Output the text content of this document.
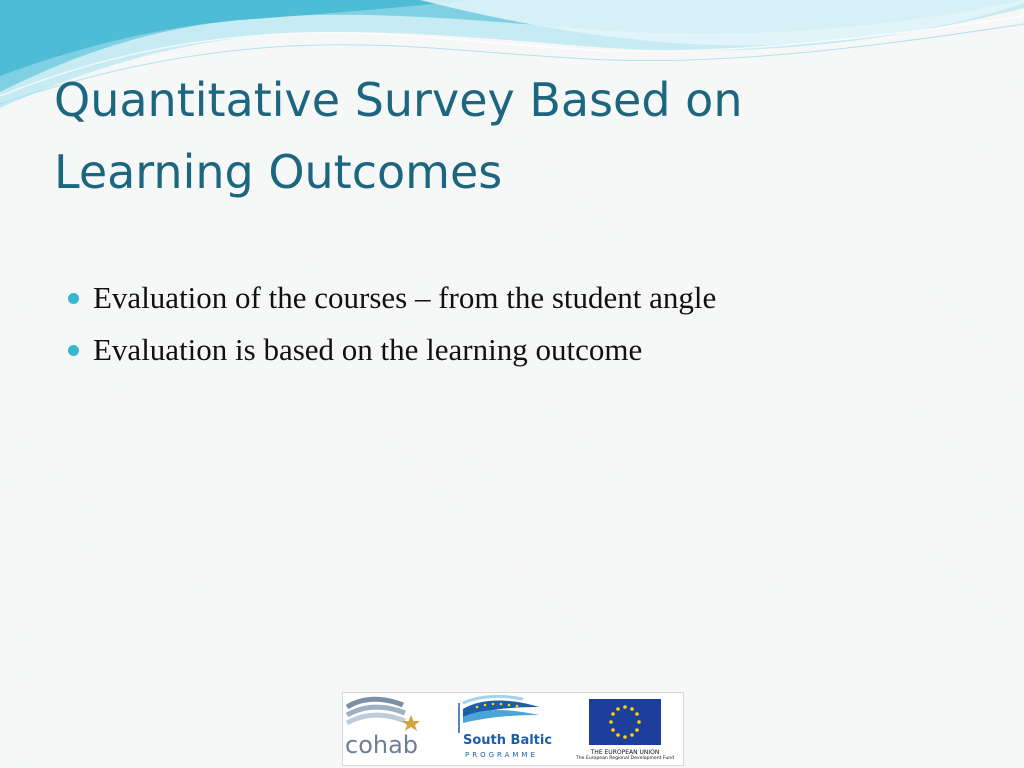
Quantitative Survey Based on
Learning Outcomes
Evaluation of the courses – from the student angle
Evaluation is based on the learning outcome
cohab	South Baltic
PROGRAMME	THE EUROPEAN UNION
The European Regional Development Fund
